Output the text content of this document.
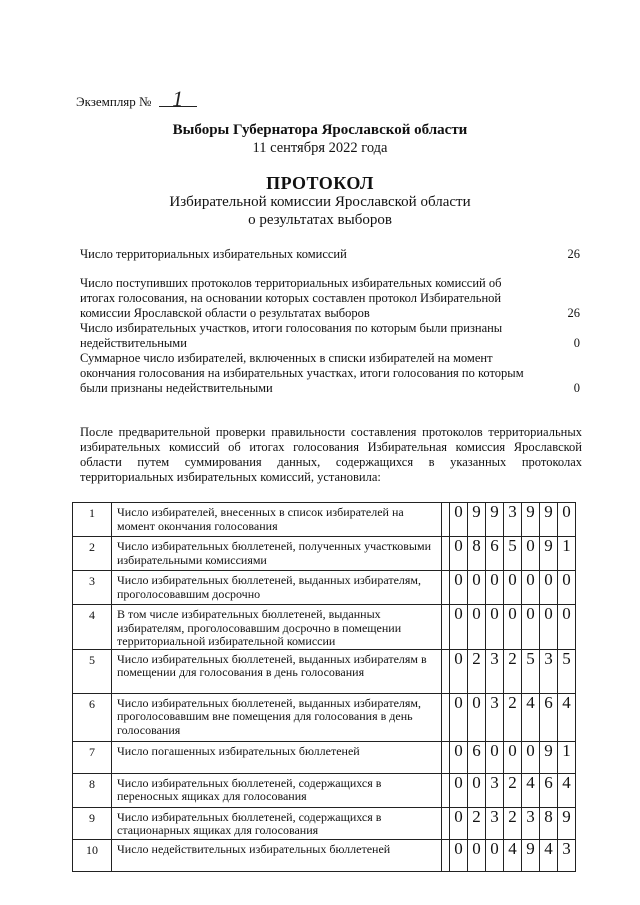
Экземпляр № 1
Выборы Губернатора Ярославской области
11 сентября 2022 года
ПРОТОКОЛ
Избирательной комиссии Ярославской области
о результатах выборов
Число территориальных избирательных комиссий	26
Число поступивших протоколов территориальных избирательных комиссий об итогах голосования, на основании которых составлен протокол Избирательной комиссии Ярославской области о результатах выборов	26
Число избирательных участков, итоги голосования по которым были признаны недействительными	0
Суммарное число избирателей, включенных в списки избирателей на момент окончания голосования на избирательных участках, итоги голосования по которым были признаны недействительными	0
После предварительной проверки правильности составления протоколов территориальных избирательных комиссий об итогах голосования Избирательная комиссия Ярославской области путем суммирования данных, содержащихся в указанных протоколах территориальных избирательных комиссий, установила:
1	Число избирателей, внесенных в список избирателей на момент окончания голосования		0	9	9	3	9	9	0
2	Число избирательных бюллетеней, полученных участковыми избирательными комиссиями		0	8	6	5	0	9	1
3	Число избирательных бюллетеней, выданных избирателям, проголосовавшим досрочно		0	0	0	0	0	0	0
4	В том числе избирательных бюллетеней, выданных избирателям, проголосовавшим досрочно в помещении территориальной избирательной комиссии		0	0	0	0	0	0	0
5	Число избирательных бюллетеней, выданных избирателям в помещении для голосования в день голосования		0	2	3	2	5	3	5
6	Число избирательных бюллетеней, выданных избирателям, проголосовавшим вне помещения для голосования в день голосования		0	0	3	2	4	6	4
7	Число погашенных избирательных бюллетеней		0	6	0	0	0	9	1
8	Число избирательных бюллетеней, содержащихся в переносных ящиках для голосования		0	0	3	2	4	6	4
9	Число избирательных бюллетеней, содержащихся в стационарных ящиках для голосования		0	2	3	2	3	8	9
10	Число недействительных избирательных бюллетеней		0	0	0	4	9	4	3
